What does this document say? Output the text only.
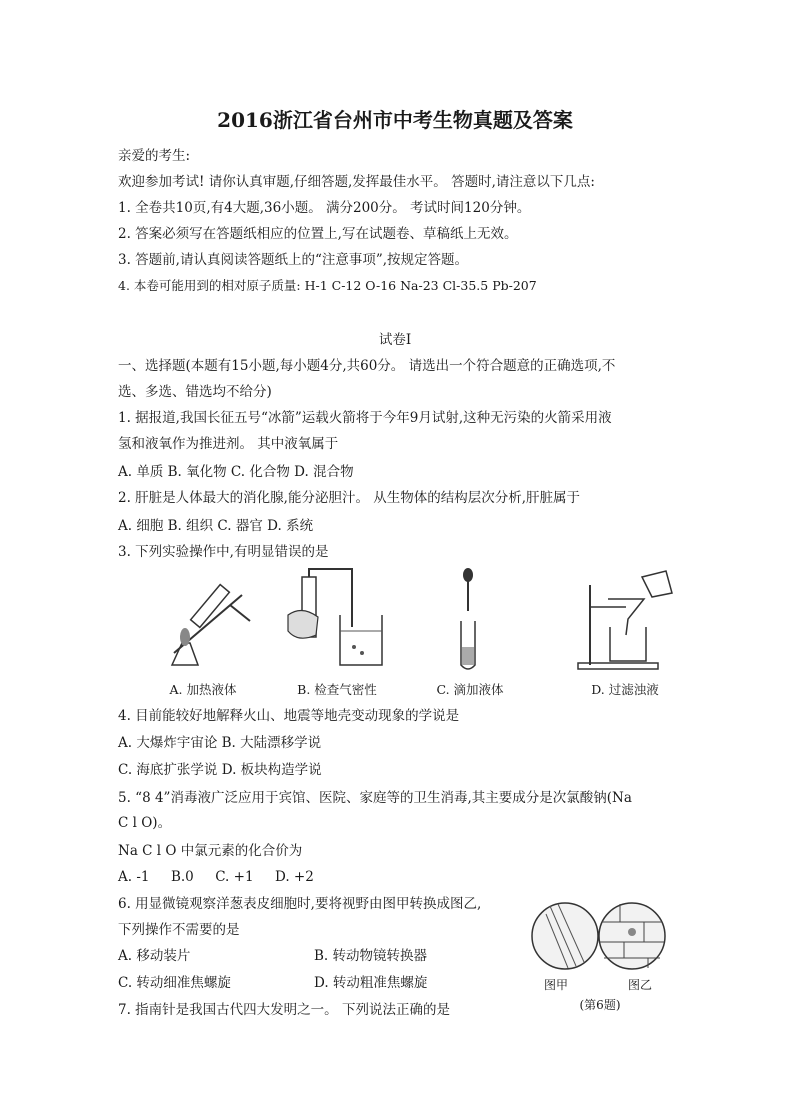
2016浙江省台州市中考生物真题及答案
亲爱的考生:
欢迎参加考试! 请你认真审题,仔细答题,发挥最佳水平。 答题时,请注意以下几点:
1. 全卷共10页,有4大题,36小题。 满分200分。 考试时间120分钟。
2. 答案必须写在答题纸相应的位置上,写在试题卷、草稿纸上无效。
3. 答题前,请认真阅读答题纸上的“注意事项”,按规定答题。
4. 本卷可能用到的相对原子质量: H-1 C-12 O-16 Na-23 Cl-35.5 Pb-207
试卷Ⅰ
一、选择题(本题有15小题,每小题4分,共60分。 请选出一个符合题意的正确选项,不
选、多选、错选均不给分)
1. 据报道,我国长征五号“冰箭”运载火箭将于今年9月试射,这种无污染的火箭采用液
氢和液氧作为推进剂。 其中液氧属于
A. 单质 B. 氧化物 C. 化合物 D. 混合物
2. 肝脏是人体最大的消化腺,能分泌胆汁。 从生物体的结构层次分析,肝脏属于
A. 细胞 B. 组织 C. 器官 D. 系统
3. 下列实验操作中,有明显错误的是
A. 加热液体	B. 检查气密性	C. 滴加液体	D. 过滤浊液
4. 目前能较好地解释火山、地震等地壳变动现象的学说是
A. 大爆炸宇宙论 B. 大陆漂移学说
C. 海底扩张学说 D. 板块构造学说
5. “8 4”消毒液广泛应用于宾馆、医院、家庭等的卫生消毒,其主要成分是次氯酸钠(Na
C l O)。
Na C l O 中氯元素的化合价为
A. -1     B.0     C. +1     D. +2
6. 用显微镜观察洋葱表皮细胞时,要将视野由图甲转换成图乙,
下列操作不需要的是
A. 移动装片	B. 转动物镜转换器
C. 转动细准焦螺旋	D. 转动粗准焦螺旋
7. 指南针是我国古代四大发明之一。 下列说法正确的是
图甲	图乙
(第6题)
